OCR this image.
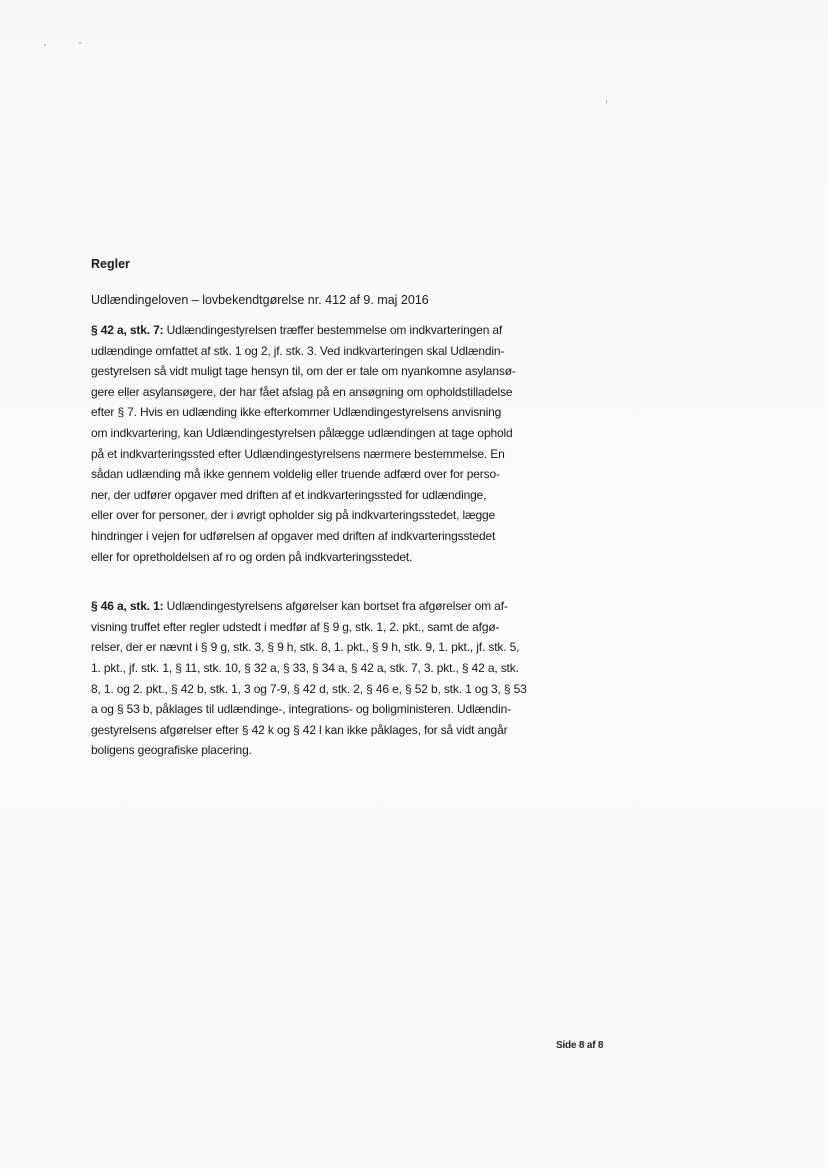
Regler
Udlændingeloven – lovbekendtgørelse nr. 412 af 9. maj 2016

§ 42 a, stk. 7: Udlændingestyrelsen træffer bestemmelse om indkvarteringen af
udlændinge omfattet af stk. 1 og 2, jf. stk. 3. Ved indkvarteringen skal Udlændin-
gestyrelsen så vidt muligt tage hensyn til, om der er tale om nyankomne asylansø-
gere eller asylansøgere, der har fået afslag på en ansøgning om opholdstilladelse
efter § 7. Hvis en udlænding ikke efterkommer Udlændingestyrelsens anvisning
om indkvartering, kan Udlændingestyrelsen pålægge udlændingen at tage ophold
på et indkvarteringssted efter Udlændingestyrelsens nærmere bestemmelse. En
sådan udlænding må ikke gennem voldelig eller truende adfærd over for perso-
ner, der udfører opgaver med driften af et indkvarteringssted for udlændinge,
eller over for personer, der i øvrigt opholder sig på indkvarteringsstedet, lægge
hindringer i vejen for udførelsen af opgaver med driften af indkvarteringsstedet
eller for opretholdelsen af ro og orden på indkvarteringsstedet.

§ 46 a, stk. 1: Udlændingestyrelsens afgørelser kan bortset fra afgørelser om af-
visning truffet efter regler udstedt i medfør af § 9 g, stk. 1, 2. pkt., samt de afgø-
relser, der er nævnt i § 9 g, stk. 3, § 9 h, stk. 8, 1. pkt., § 9 h, stk. 9, 1. pkt., jf. stk. 5,
1. pkt., jf. stk. 1, § 11, stk. 10, § 32 a, § 33, § 34 a, § 42 a, stk. 7, 3. pkt., § 42 a, stk.
8, 1. og 2. pkt., § 42 b, stk. 1, 3 og 7-9, § 42 d, stk. 2, § 46 e, § 52 b, stk. 1 og 3, § 53
a og § 53 b, påklages til udlændinge-, integrations- og boligministeren. Udlændin-
gestyrelsens afgørelser efter § 42 k og § 42 l kan ikke påklages, for så vidt angår
boligens geografiske placering.

Side 8 af 8
